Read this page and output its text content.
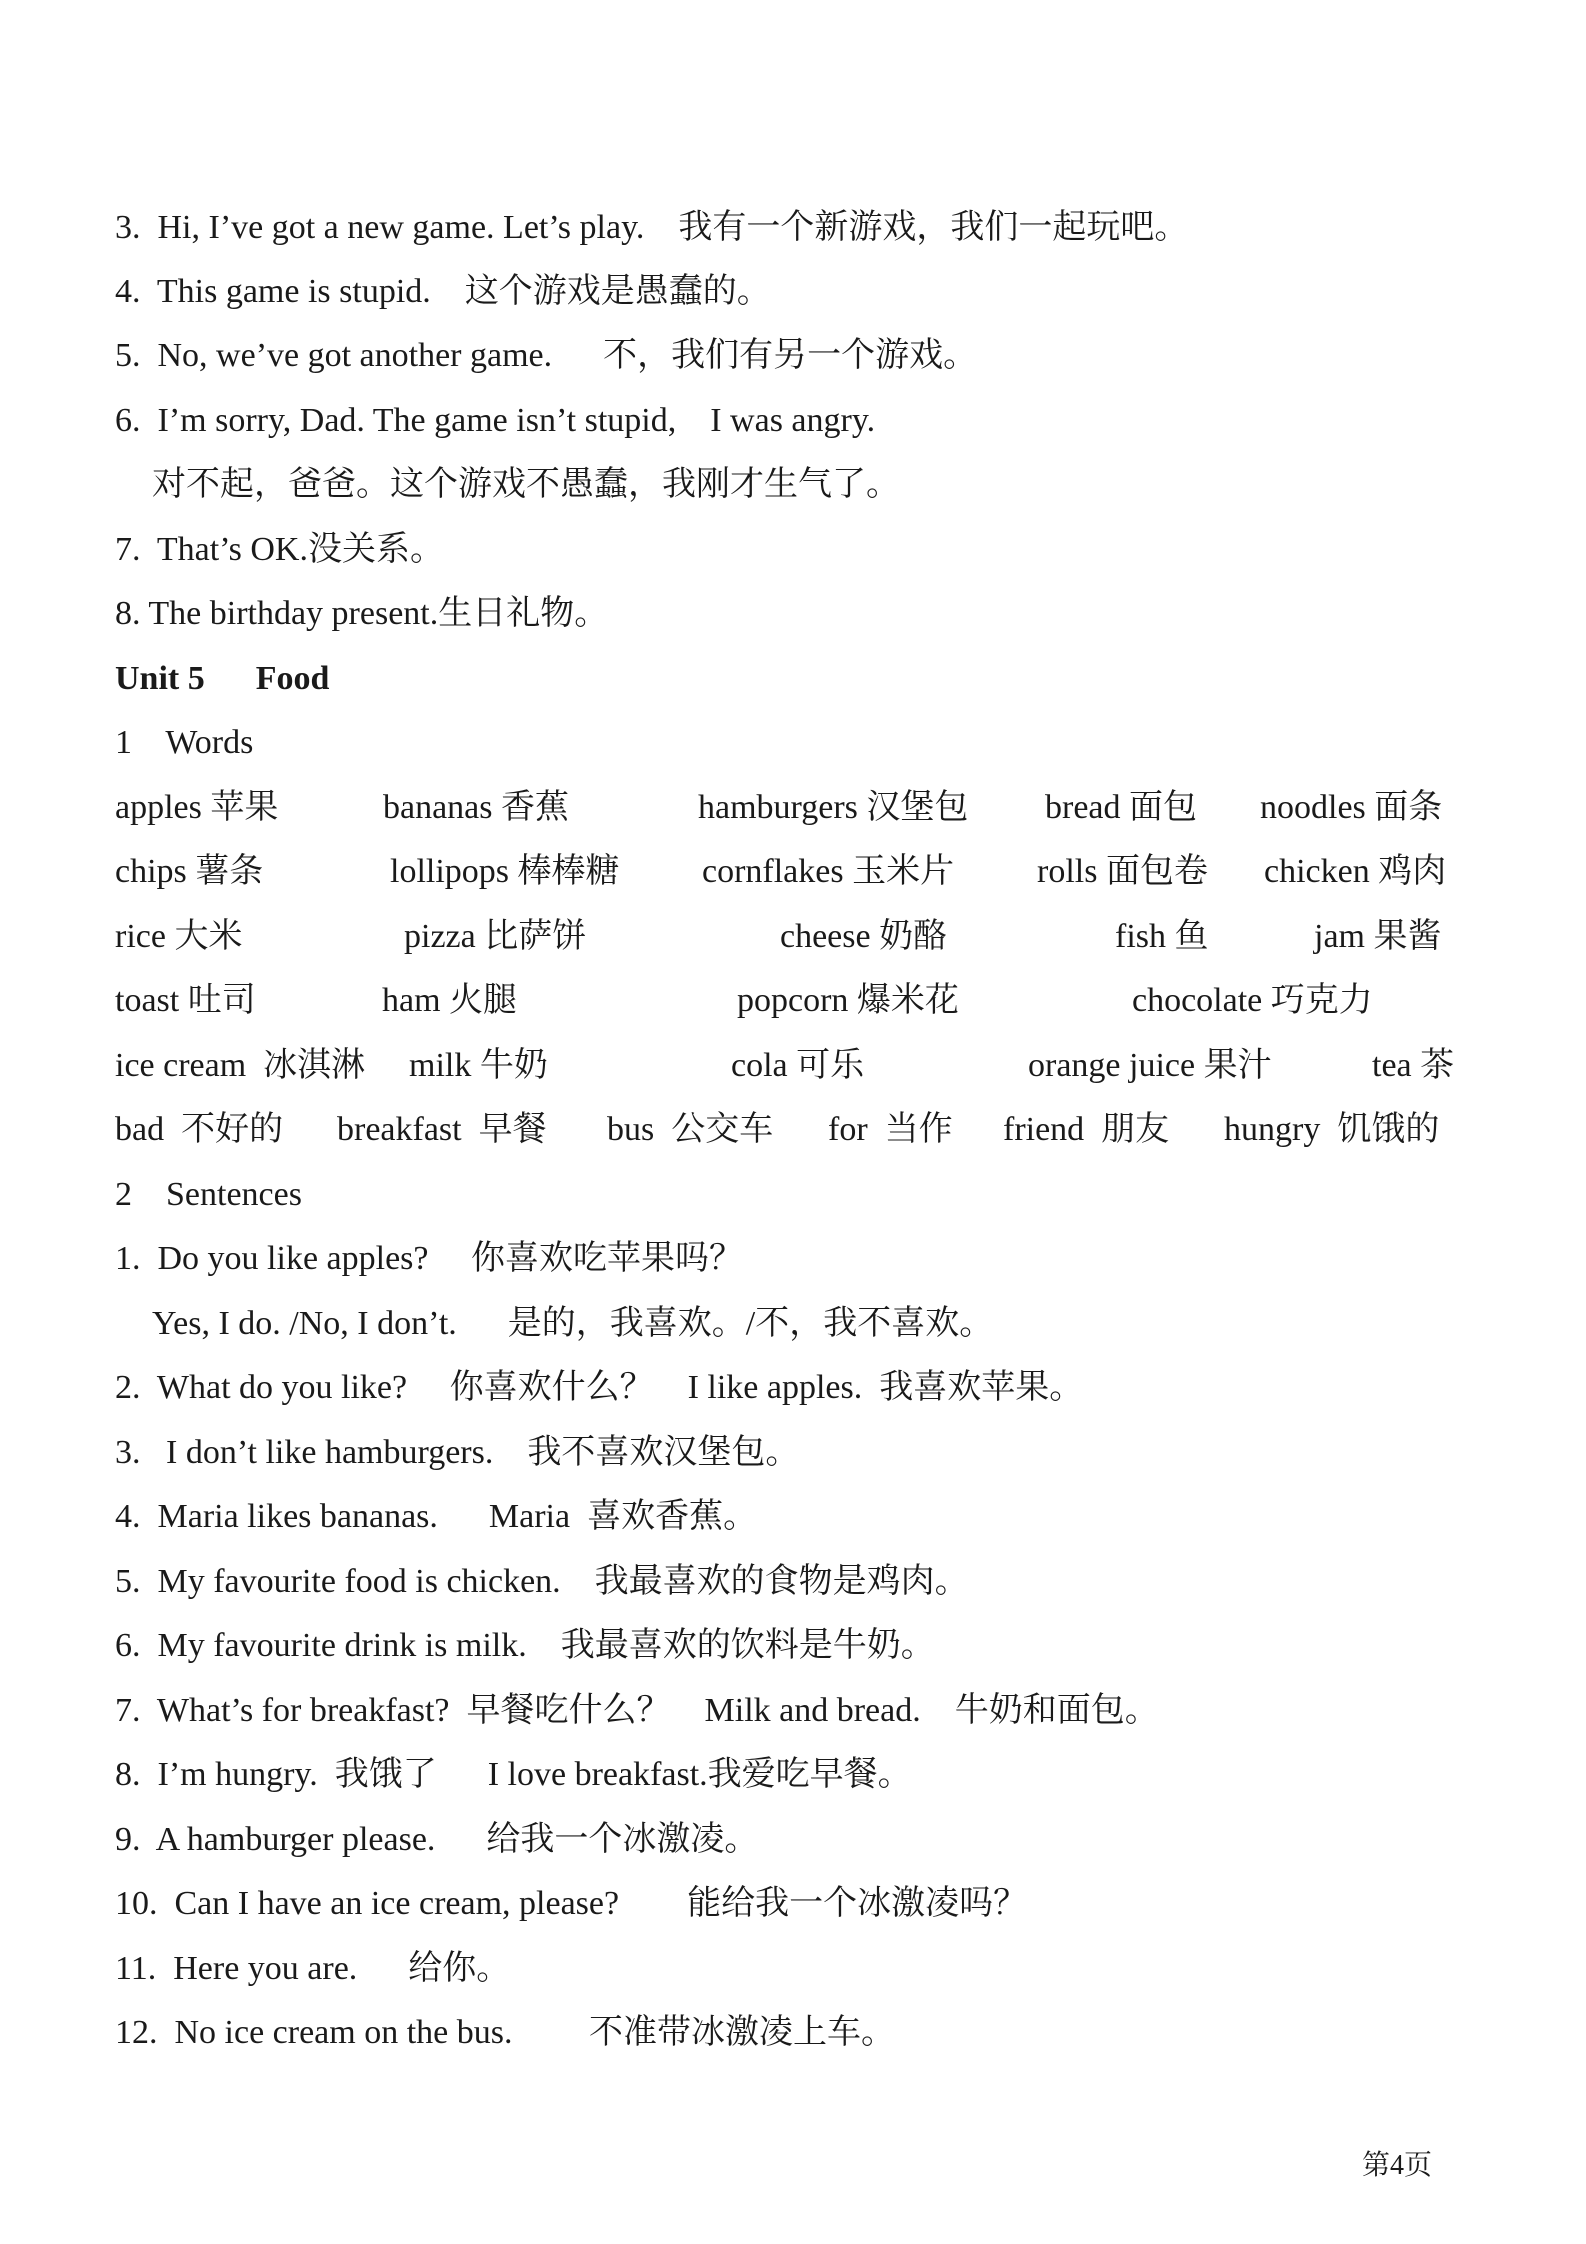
3.  Hi, I’ve got a new game. Let’s play.    我有一个新游戏，我们一起玩吧。
4.  This game is stupid.    这个游戏是愚蠢的。
5.  No, we’ve got another game.      不，我们有另一个游戏。
6.  I’m sorry, Dad. The game isn’t stupid,    I was angry.
对不起，爸爸。这个游戏不愚蠢，我刚才生气了。
7.  That’s OK.没关系。
8. The birthday present.生日礼物。
Unit 5      Food
1    Words
apples 苹果	bananas 香蕉	hamburgers 汉堡包 bread 面包 noodles 面条
chips 薯条	lollipops 棒棒糖 cornflakes 玉米片 rolls 面包卷 chicken 鸡肉
rice 大米	pizza 比萨饼	cheese 奶酪	fish 鱼	jam 果酱
toast 吐司	ham 火腿	popcorn 爆米花	chocolate 巧克力
ice cream  冰淇淋 milk 牛奶	cola 可乐	orange juice 果汁	tea 茶
bad  不好的 breakfast  早餐 bus  公交车 for  当作 friend  朋友 hungry  饥饿的
2    Sentences
1.  Do you like apples?     你喜欢吃苹果吗？
Yes, I do. /No, I don’t.      是的，我喜欢。/不，我不喜欢。
2.  What do you like?     你喜欢什么？    I like apples.  我喜欢苹果。
3.   I don’t like hamburgers.    我不喜欢汉堡包。
4.  Maria likes bananas.      Maria  喜欢香蕉。
5.  My favourite food is chicken.    我最喜欢的食物是鸡肉。
6.  My favourite drink is milk.    我最喜欢的饮料是牛奶。
7.  What’s for breakfast?  早餐吃什么？    Milk and bread.    牛奶和面包。
8.  I’m hungry.  我饿了      I love breakfast.我爱吃早餐。
9.  A hamburger please.      给我一个冰激凌。
10.  Can I have an ice cream, please?        能给我一个冰激凌吗？
11.  Here you are.      给你。
12.  No ice cream on the bus.         不准带冰激凌上车。
第4页
